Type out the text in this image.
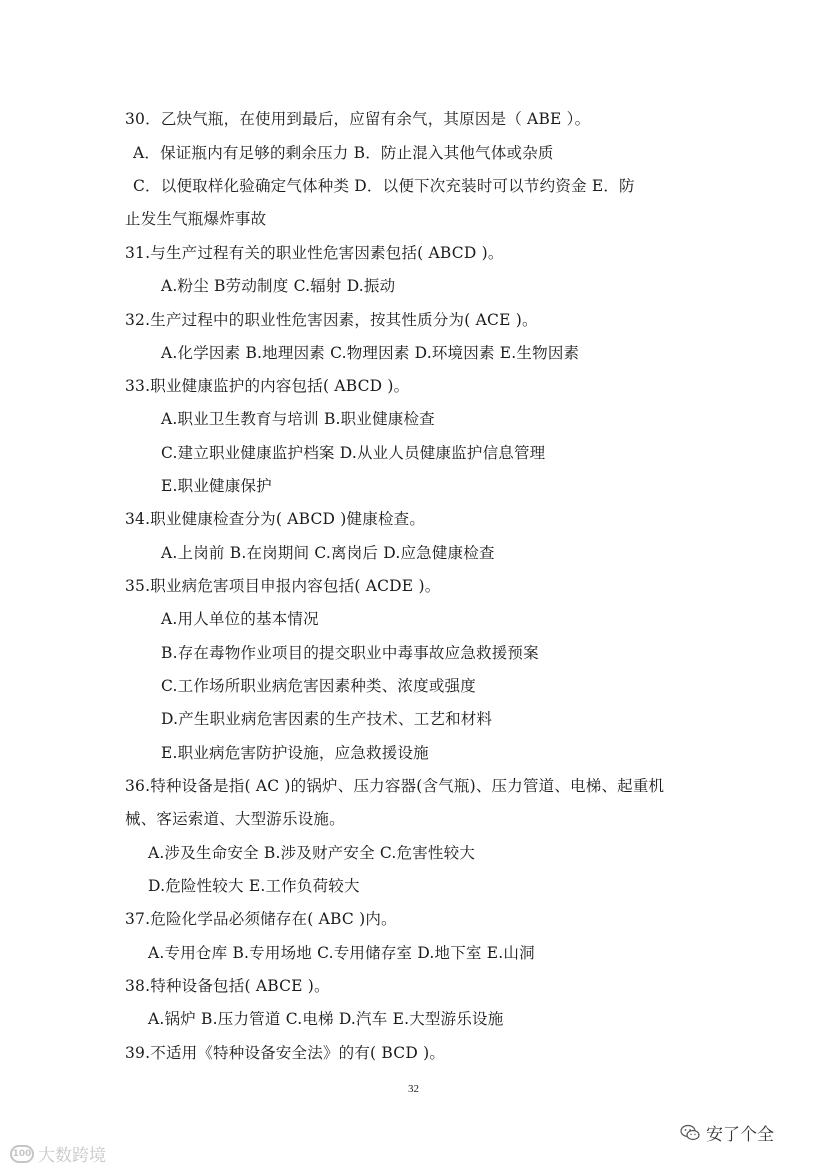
30．乙炔气瓶，在使用到最后，应留有余气，其原因是（ ABE ）。
A．保证瓶内有足够的剩余压力 B．防止混入其他气体或杂质
C．以便取样化验确定气体种类 D．以便下次充装时可以节约资金 E．防
止发生气瓶爆炸事故
31.与生产过程有关的职业性危害因素包括( ABCD )。
A.粉尘 B劳动制度 C.辐射 D.振动
32.生产过程中的职业性危害因素，按其性质分为( ACE )。
A.化学因素 B.地理因素 C.物理因素 D.环境因素 E.生物因素
33.职业健康监护的内容包括( ABCD )。
A.职业卫生教育与培训 B.职业健康检查
C.建立职业健康监护档案 D.从业人员健康监护信息管理
E.职业健康保护
34.职业健康检查分为( ABCD )健康检查。
A.上岗前 B.在岗期间 C.离岗后 D.应急健康检查
35.职业病危害项目申报内容包括( ACDE )。
A.用人单位的基本情况
B.存在毒物作业项目的提交职业中毒事故应急救援预案
C.工作场所职业病危害因素种类、浓度或强度
D.产生职业病危害因素的生产技术、工艺和材料
E.职业病危害防护设施，应急救援设施
36.特种设备是指( AC )的锅炉、压力容器(含气瓶)、压力管道、电梯、起重机
械、客运索道、大型游乐设施。
A.涉及生命安全 B.涉及财产安全 C.危害性较大
D.危险性较大 E.工作负荷较大
37.危险化学品必须储存在( ABC )内。
A.专用仓库 B.专用场地 C.专用储存室 D.地下室 E.山洞
38.特种设备包括( ABCE )。
A.锅炉 B.压力管道 C.电梯 D.汽车 E.大型游乐设施
39.不适用《特种设备安全法》的有( BCD )。
32
100 大数跨境
安了个全
